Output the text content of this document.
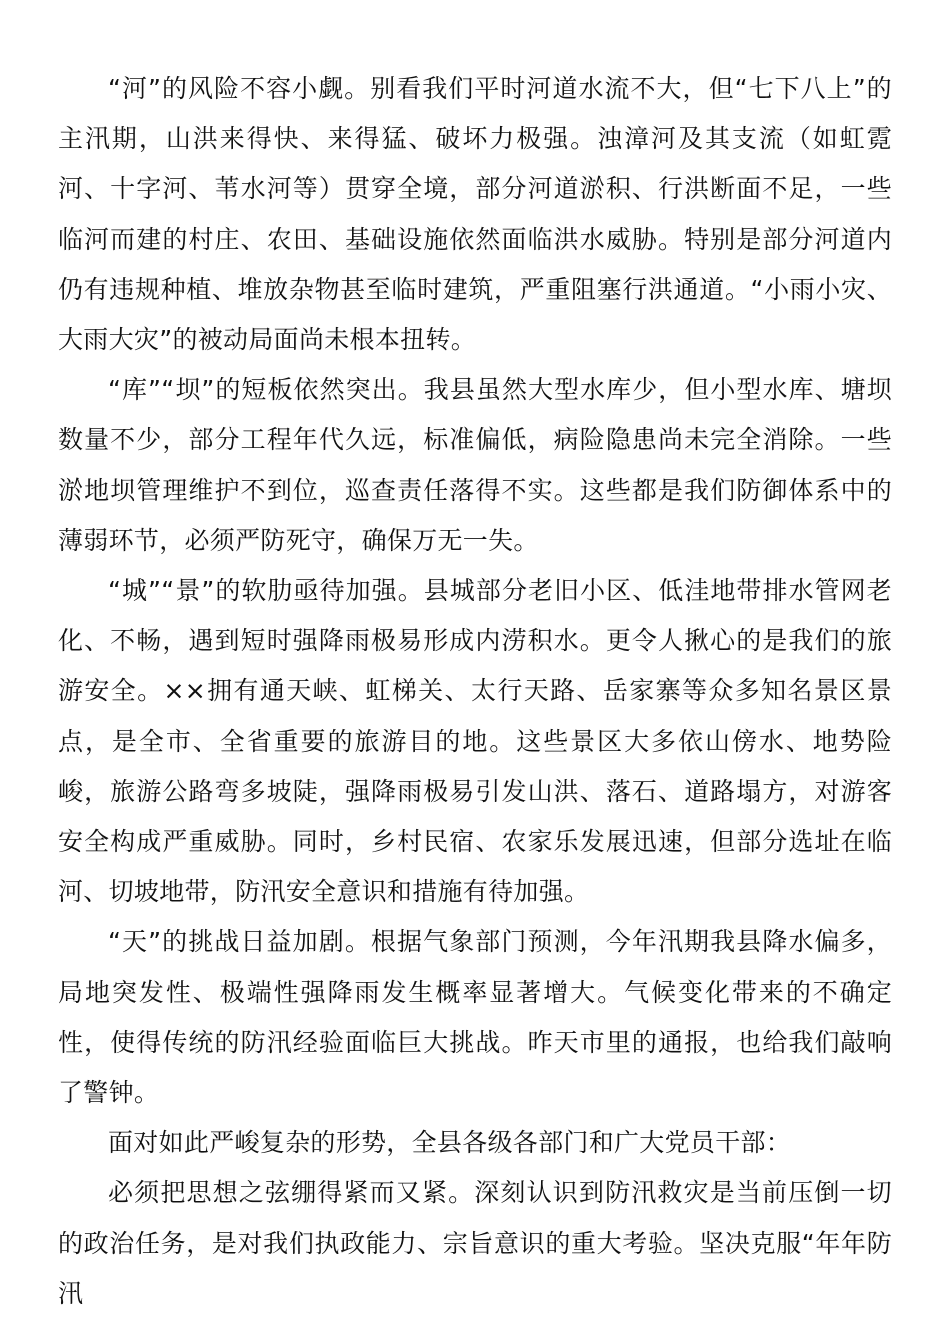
“河”的风险不容小觑。别看我们平时河道水流不大，但“七下八上”的主汛期，山洪来得快、来得猛、破坏力极强。浊漳河及其支流（如虹霓河、十字河、苇水河等）贯穿全境，部分河道淤积、行洪断面不足，一些临河而建的村庄、农田、基础设施依然面临洪水威胁。特别是部分河道内仍有违规种植、堆放杂物甚至临时建筑，严重阻塞行洪通道。“小雨小灾、大雨大灾”的被动局面尚未根本扭转。

“库”“坝”的短板依然突出。我县虽然大型水库少，但小型水库、塘坝数量不少，部分工程年代久远，标准偏低，病险隐患尚未完全消除。一些淤地坝管理维护不到位，巡查责任落得不实。这些都是我们防御体系中的薄弱环节，必须严防死守，确保万无一失。

“城”“景”的软肋亟待加强。县城部分老旧小区、低洼地带排水管网老化、不畅，遇到短时强降雨极易形成内涝积水。更令人揪心的是我们的旅游安全。××拥有通天峡、虹梯关、太行天路、岳家寨等众多知名景区景点，是全市、全省重要的旅游目的地。这些景区大多依山傍水、地势险峻，旅游公路弯多坡陡，强降雨极易引发山洪、落石、道路塌方，对游客安全构成严重威胁。同时，乡村民宿、农家乐发展迅速，但部分选址在临河、切坡地带，防汛安全意识和措施有待加强。

“天”的挑战日益加剧。根据气象部门预测，今年汛期我县降水偏多，局地突发性、极端性强降雨发生概率显著增大。气候变化带来的不确定性，使得传统的防汛经验面临巨大挑战。昨天市里的通报，也给我们敲响了警钟。

面对如此严峻复杂的形势，全县各级各部门和广大党员干部：

必须把思想之弦绷得紧而又紧。深刻认识到防汛救灾是当前压倒一切的政治任务，是对我们执政能力、宗旨意识的重大考验。坚决克服“年年防汛
